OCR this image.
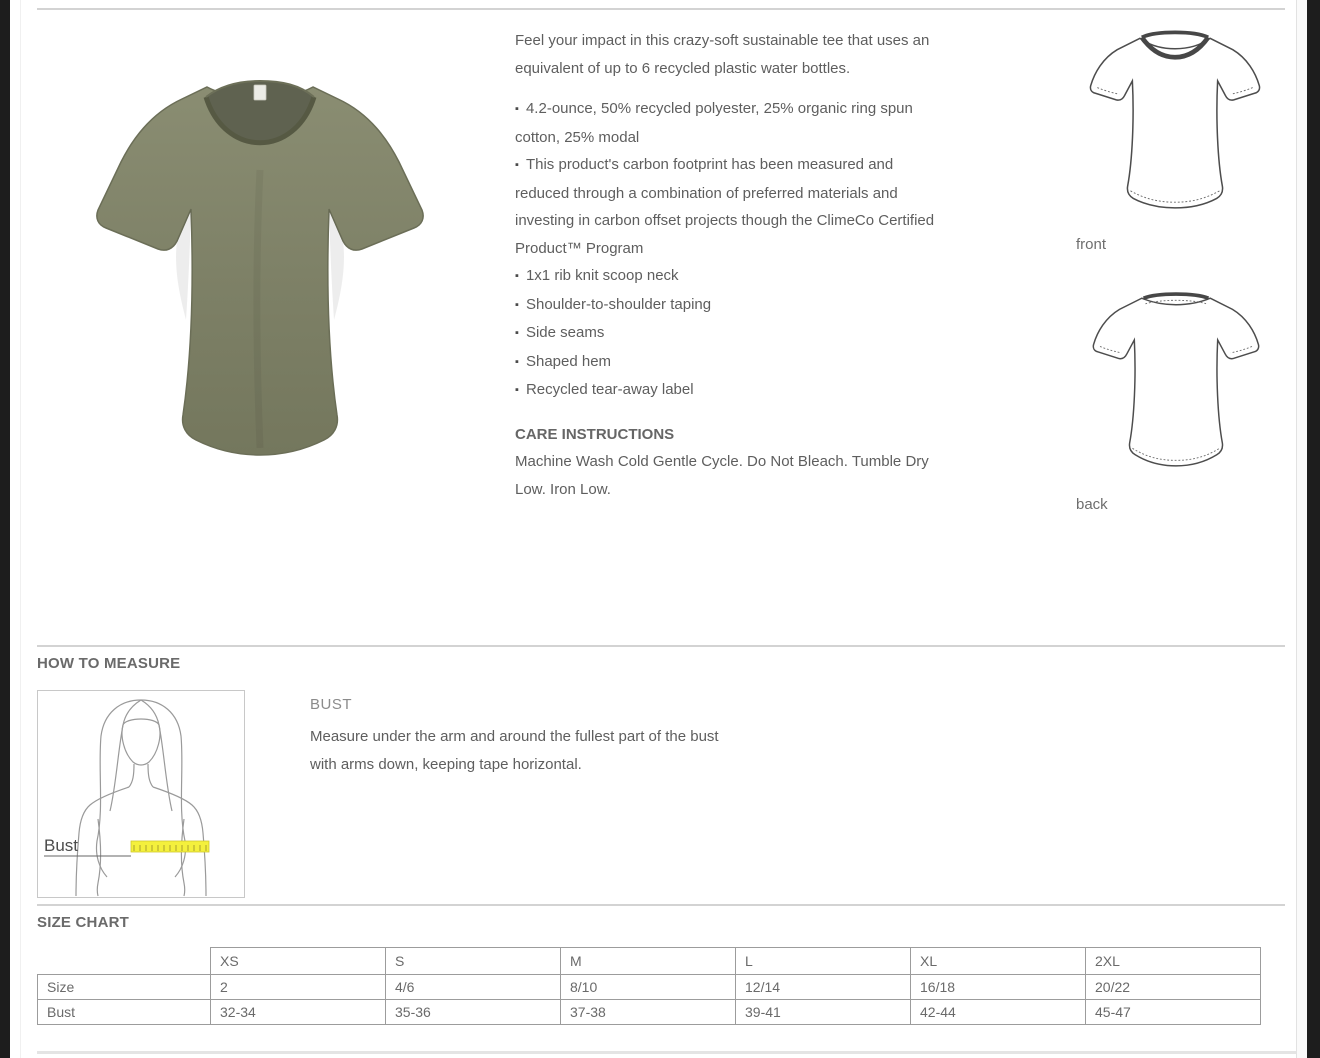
Feel your impact in this crazy-soft sustainable tee that uses an equivalent of up to 6 recycled plastic water bottles.
▪ 4.2-ounce, 50% recycled polyester, 25% organic ring spun cotton, 25% modal
▪ This product's carbon footprint has been measured and reduced through a combination of preferred materials and investing in carbon offset projects though the ClimeCo Certified Product™ Program
▪ 1x1 rib knit scoop neck
▪ Shoulder-to-shoulder taping
▪ Side seams
▪ Shaped hem
▪ Recycled tear-away label
CARE INSTRUCTIONS
Machine Wash Cold Gentle Cycle. Do Not Bleach. Tumble Dry Low. Iron Low.
front
back
HOW TO MEASURE
Bust
BUST
Measure under the arm and around the fullest part of the bust with arms down, keeping tape horizontal.
SIZE CHART
	XS	S	M	L	XL	2XL
Size	2	4/6	8/10	12/14	16/18	20/22
Bust	32-34	35-36	37-38	39-41	42-44	45-47
